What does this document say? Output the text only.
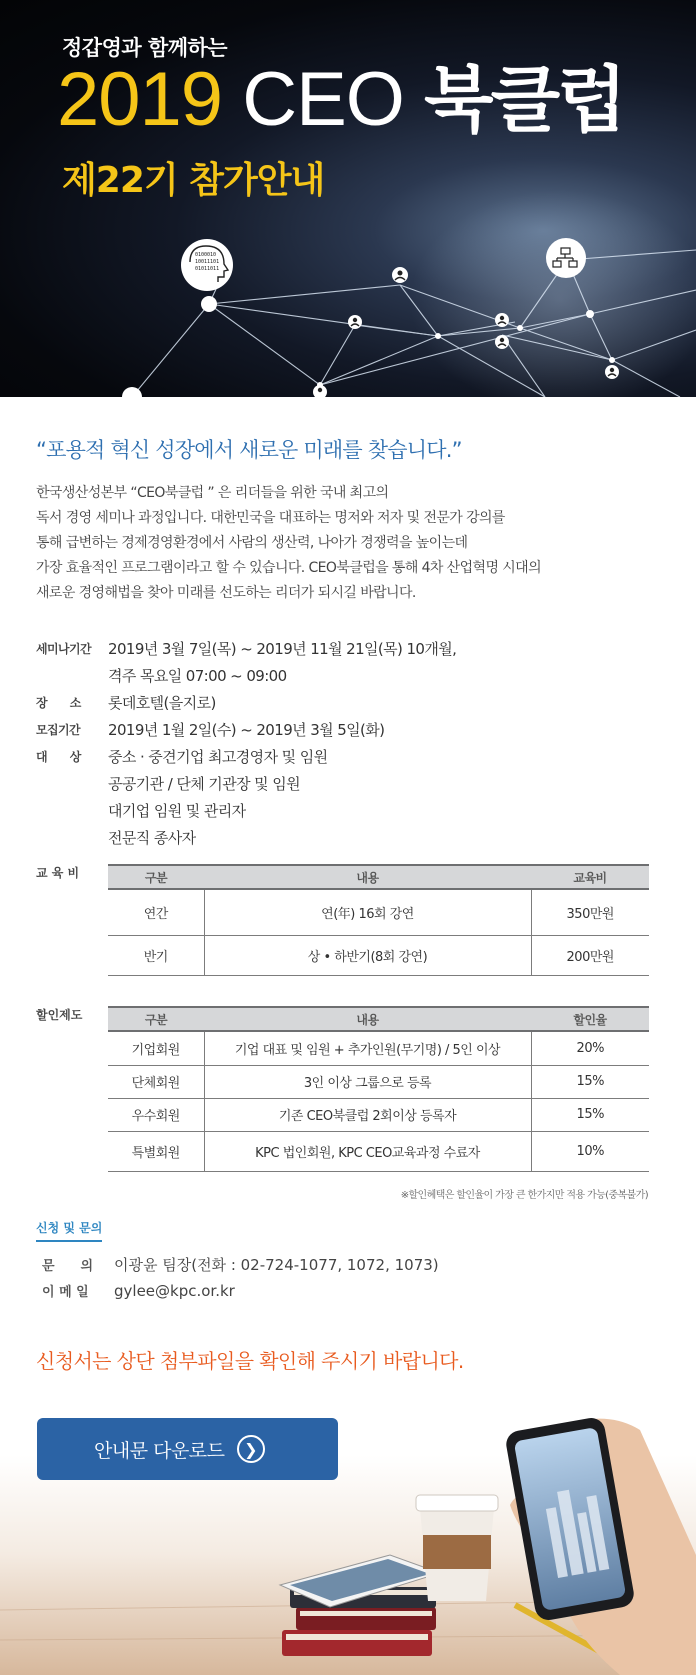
0100010
10011101
01011011
정갑영과 함께하는
2019 CEO 북클럽
제22기 참가안내
“포용적 혁신 성장에서 새로운 미래를 찾습니다.”

한국생산성본부 “CEO북클럽 ” 은 리더들을 위한 국내 최고의

독서 경영 세미나 과정입니다. 대한민국을 대표하는 명저와 저자 및 전문가 강의를

통해 급변하는 경제경영환경에서 사람의 생산력, 나아가 경쟁력을 높이는데

가장 효율적인 프로그램이라고 할 수 있습니다. CEO북클럽을 통해 4차 산업혁명 시대의

새로운 경영해법을 찾아 미래를 선도하는 리더가 되시길 바랍니다.

세미나기간	2019년 3월 7일(목) ~ 2019년 11월 21일(목) 10개월,
격주 목요일 07:00 ~ 09:00
장　　소	롯데호텔(을지로)
모집기간	2019년 1월 2일(수) ~ 2019년 3월 5일(화)
대　　상	중소 · 중견기업 최고경영자 및 임원
공공기관 / 단체 기관장 및 임원
대기업 임원 및 관리자
전문직 종사자
교 육 비	구분	내용	교육비
연간	연(年) 16회 강연	350만원
반기	상 • 하반기(8회 강연)	200만원
할인제도	구분	내용	할인율
기업회원	기업 대표 및 임원 + 추가인원(무기명) / 5인 이상	20%
단체회원	3인 이상 그룹으로 등록	15%
우수회원	기존 CEO북클럽 2회이상 등록자	15%
특별회원	KPC 법인회원, KPC CEO교육과정 수료자	10%
※할인혜택은 할인율이 가장 큰 한가지만 적용 가능(중복불가)
신청 및 문의
문　　의 이광윤 팀장(전화 : 02-724-1077, 1072, 1073)
이 메 일 gylee@kpc.or.kr
신청서는 상단 첨부파일을 확인해 주시기 바랍니다.
안내문 다운로드	❯
